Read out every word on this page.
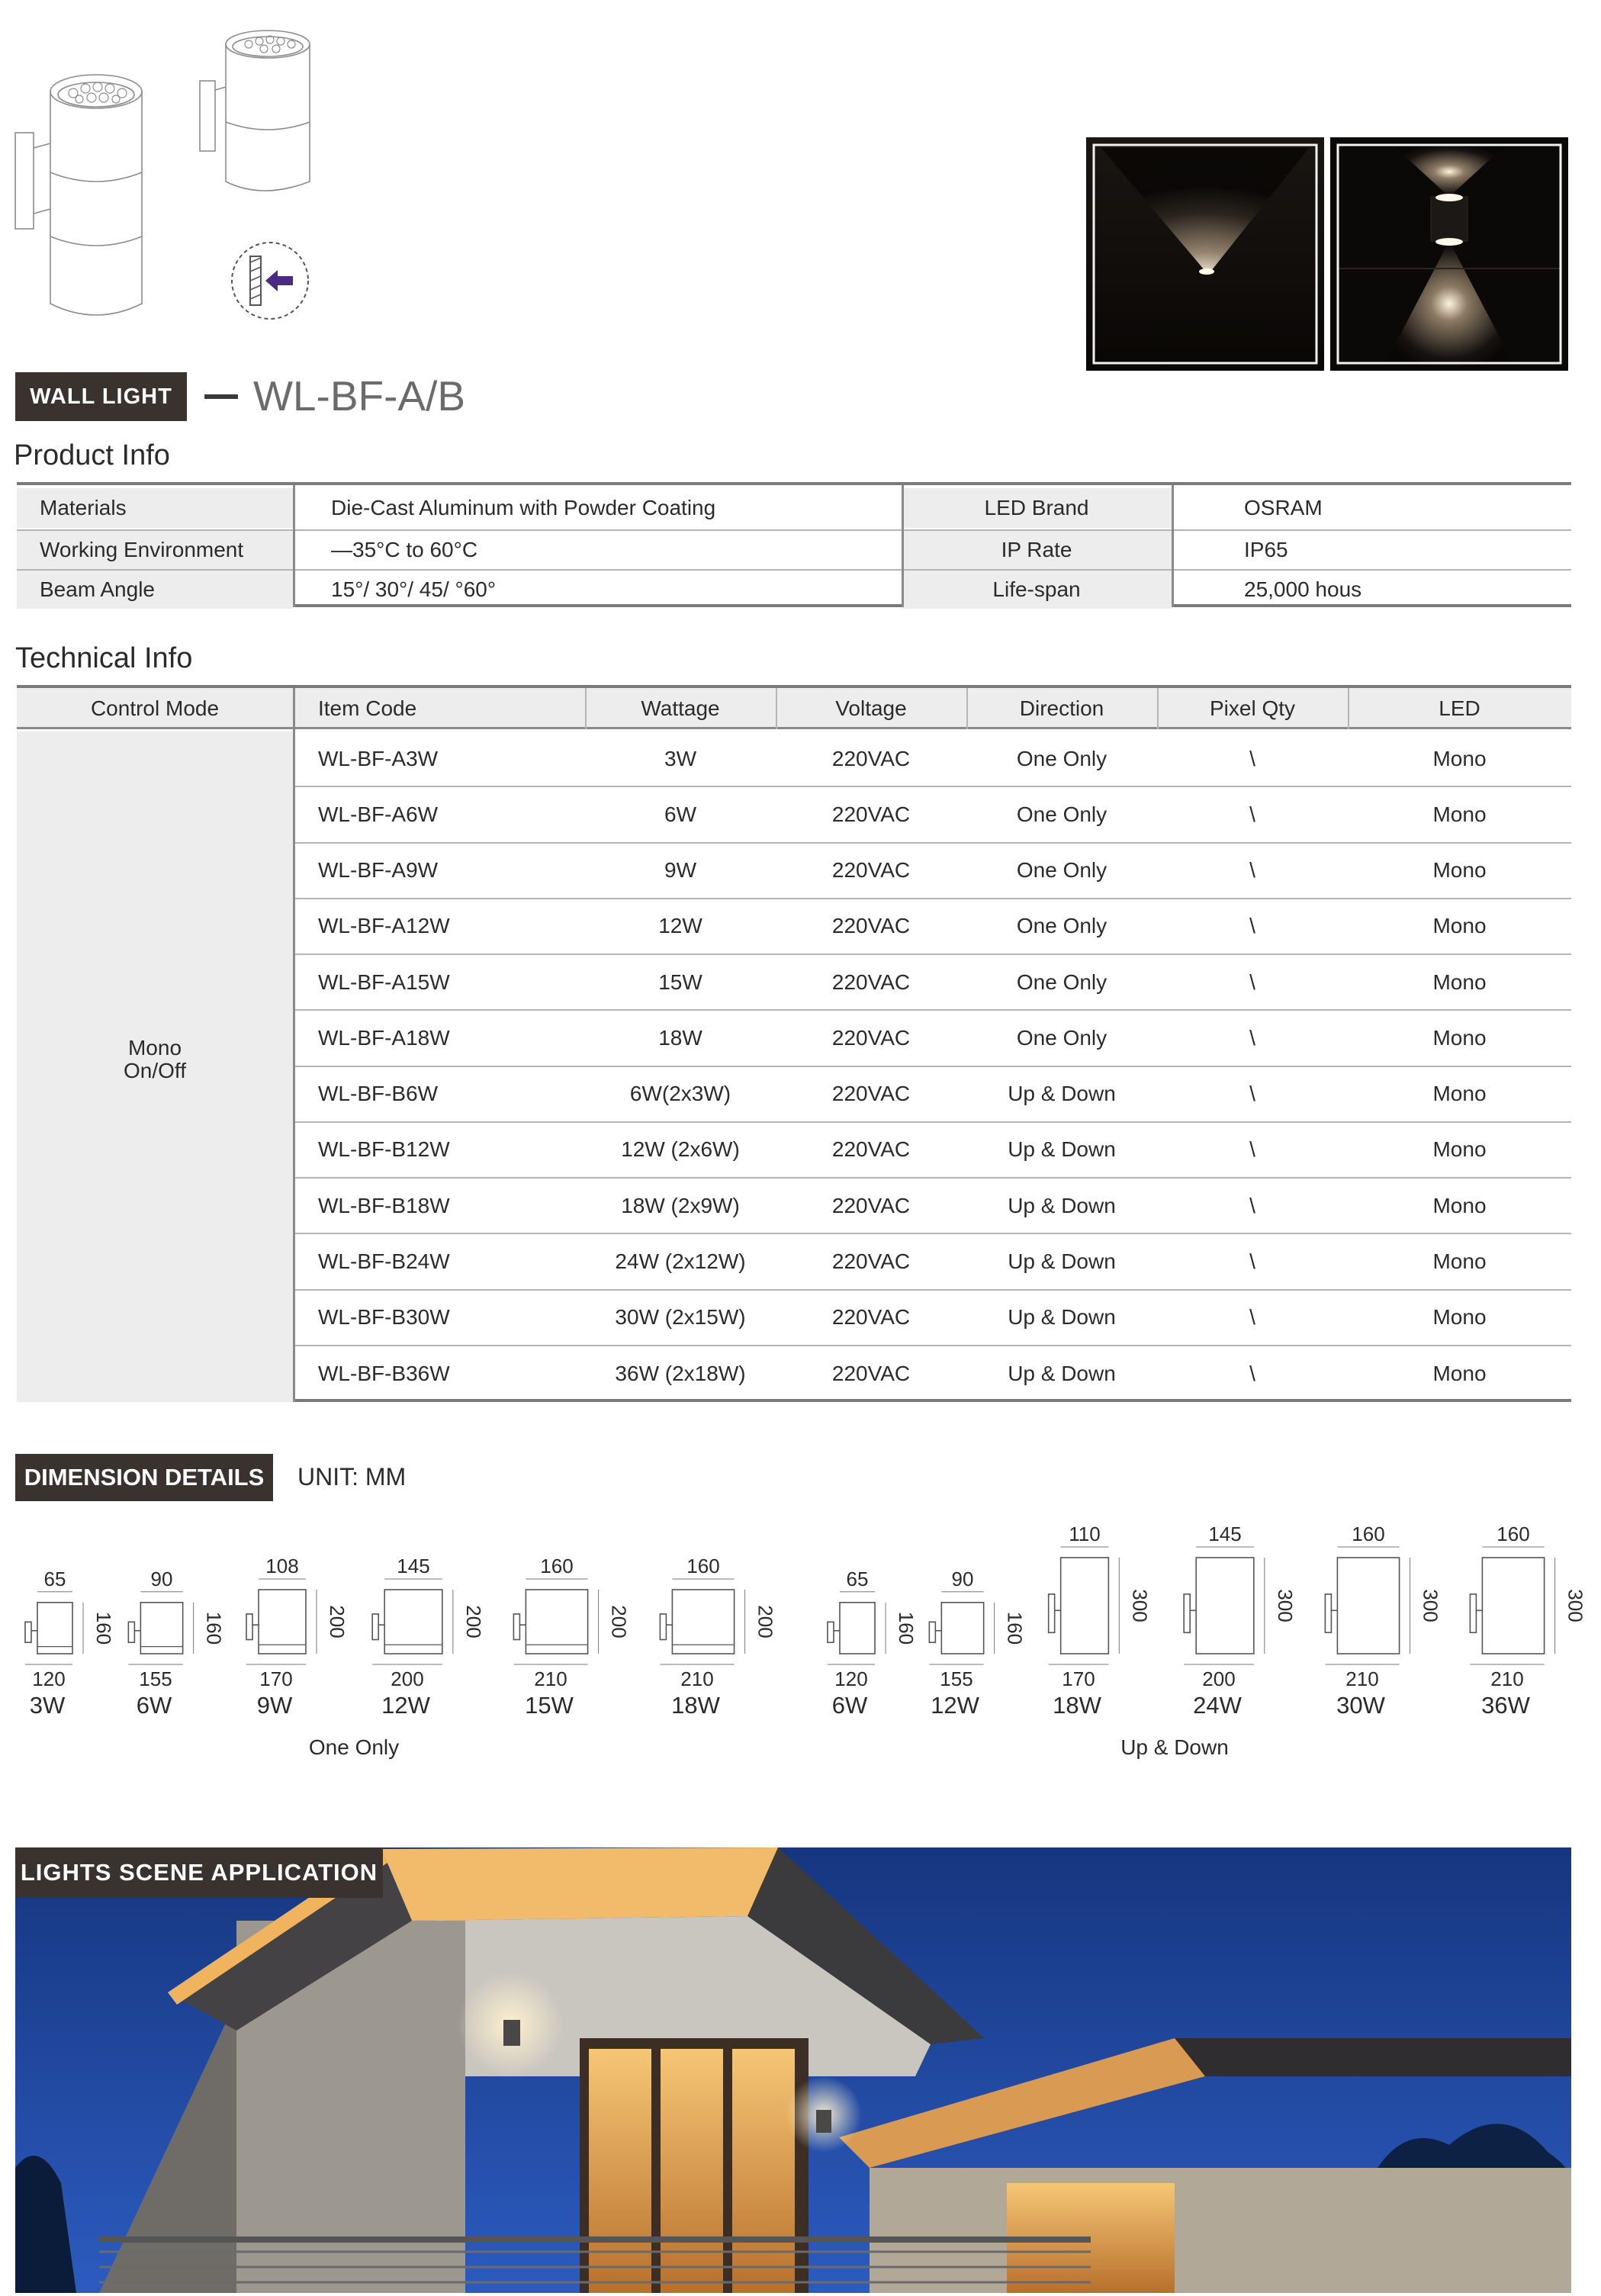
WALL LIGHT	WL-BF-A/B
Product Info
Materials	Die-Cast Aluminum with Powder Coating	LED Brand	OSRAM
Working Environment	—35°C to 60°C	IP Rate	IP65
Beam Angle	15°/ 30°/ 45/ °60°	Life-span	25,000 hous
Technical Info
Control Mode	Item Code	Wattage	Voltage	Direction	Pixel Qty	LED
Mono
On/Off
WL-BF-A3W	3W	220VAC	One Only	\	Mono
WL-BF-A6W	6W	220VAC	One Only	\	Mono
WL-BF-A9W	9W	220VAC	One Only	\	Mono
WL-BF-A12W	12W	220VAC	One Only	\	Mono
WL-BF-A15W	15W	220VAC	One Only	\	Mono
WL-BF-A18W	18W	220VAC	One Only	\	Mono
WL-BF-B6W	6W(2x3W)	220VAC	Up & Down	\	Mono
WL-BF-B12W	12W (2x6W)	220VAC	Up & Down	\	Mono
WL-BF-B18W	18W (2x9W)	220VAC	Up & Down	\	Mono
WL-BF-B24W	24W (2x12W)	220VAC	Up & Down	\	Mono
WL-BF-B30W	30W (2x15W)	220VAC	Up & Down	\	Mono
WL-BF-B36W	36W (2x18W)	220VAC	Up & Down	\	Mono
DIMENSION DETAILS	UNIT: MM
65
160
120
3W
90
160
155
6W
108
200
170
9W
145
200
200
12W
160
200
210
15W
160
200
210
18W
One Only
65
160
120
6W
90
160
155
12W
110
300
170
18W
145
300
200
24W
160
300
210
30W
160
300
210
36W
Up & Down
LIGHTS SCENE APPLICATION
